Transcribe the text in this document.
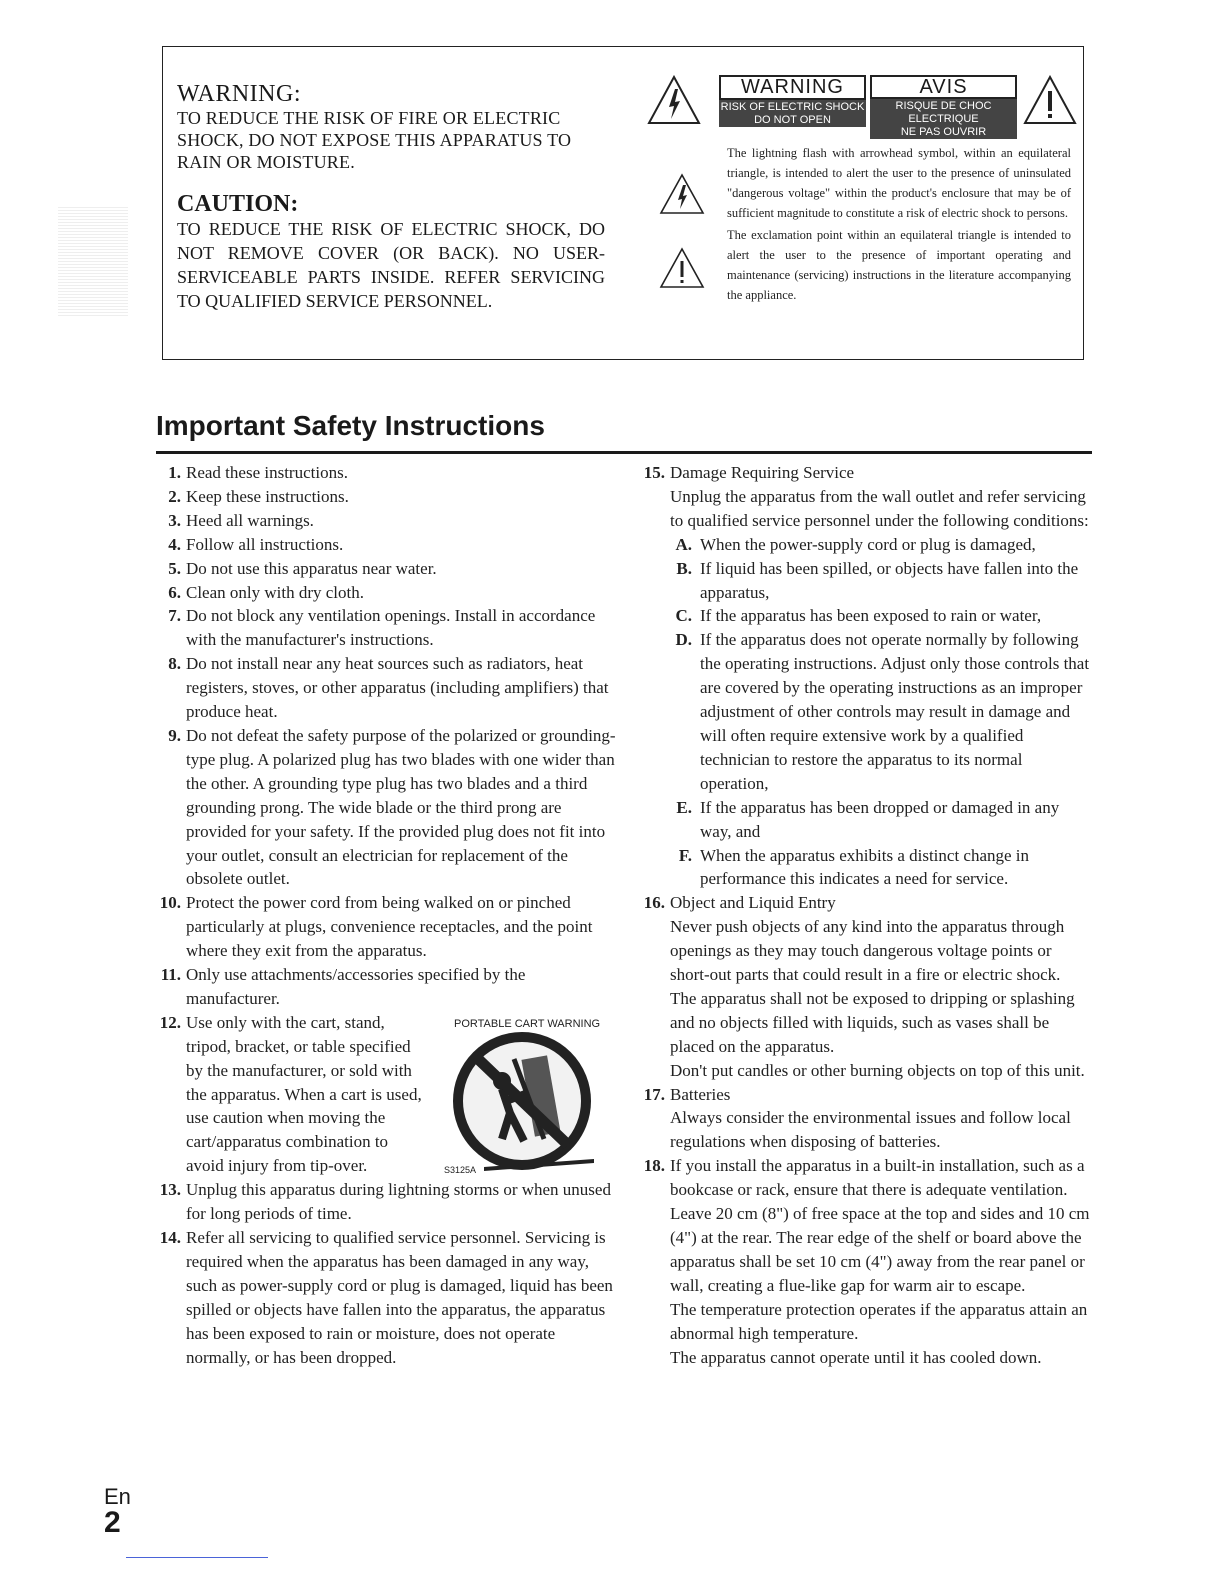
WARNING:

TO REDUCE THE RISK OF FIRE OR ELECTRIC SHOCK, DO NOT EXPOSE THIS APPARATUS TO RAIN OR MOISTURE.

CAUTION:

TO REDUCE THE RISK OF ELECTRIC SHOCK, DO NOT REMOVE COVER (OR BACK). NO USER-SERVICEABLE PARTS INSIDE. REFER SERVICING TO QUALIFIED SERVICE PERSONNEL.

WARNING
RISK OF ELECTRIC SHOCK
DO NOT OPEN
AVIS
RISQUE DE CHOC ELECTRIQUE
NE PAS OUVRIR
The lightning flash with arrowhead symbol, within an equilateral triangle, is intended to alert the user to the presence of uninsulated "dangerous voltage" within the product's enclosure that may be of sufficient magnitude to constitute a risk of electric shock to persons.
The exclamation point within an equilateral triangle is intended to alert the user to the presence of important operating and maintenance (servicing) instructions in the literature accompanying the appliance.
Important Safety Instructions
1. Read these instructions.
2. Keep these instructions.
3. Heed all warnings.
4. Follow all instructions.
5. Do not use this apparatus near water.
6. Clean only with dry cloth.
7. Do not block any ventilation openings. Install in accordance with the manufacturer's instructions.
8. Do not install near any heat sources such as radiators, heat registers, stoves, or other apparatus (including amplifiers) that produce heat.
9. Do not defeat the safety purpose of the polarized or grounding-type plug. A polarized plug has two blades with one wider than the other. A grounding type plug has two blades and a third grounding prong. The wide blade or the third prong are provided for your safety. If the provided plug does not fit into your outlet, consult an electrician for replacement of the obsolete outlet.
10. Protect the power cord from being walked on or pinched particularly at plugs, convenience receptacles, and the point where they exit from the apparatus.
11. Only use attachments/accessories specified by the manufacturer.
12. Use only with the cart, stand, tripod, bracket, or table specified by the manufacturer, or sold with the apparatus. When a cart is used, use caution when moving the cart/apparatus combination to avoid injury from tip-over.
PORTABLE CART WARNING
S3125A
13. Unplug this apparatus during lightning storms or when unused for long periods of time.
14. Refer all servicing to qualified service personnel. Servicing is required when the apparatus has been damaged in any way, such as power-supply cord or plug is damaged, liquid has been spilled or objects have fallen into the apparatus, the apparatus has been exposed to rain or moisture, does not operate normally, or has been dropped.
15. Damage Requiring Service
Unplug the apparatus from the wall outlet and refer servicing to qualified service personnel under the following conditions:
A. When the power-supply cord or plug is damaged,
B. If liquid has been spilled, or objects have fallen into the apparatus,
C. If the apparatus has been exposed to rain or water,
D. If the apparatus does not operate normally by following the operating instructions. Adjust only those controls that are covered by the operating instructions as an improper adjustment of other controls may result in damage and will often require extensive work by a qualified technician to restore the apparatus to its normal operation,
E. If the apparatus has been dropped or damaged in any way, and
F. When the apparatus exhibits a distinct change in performance this indicates a need for service.
16. Object and Liquid Entry
Never push objects of any kind into the apparatus through openings as they may touch dangerous voltage points or short-out parts that could result in a fire or electric shock.
The apparatus shall not be exposed to dripping or splashing and no objects filled with liquids, such as vases shall be placed on the apparatus.
Don't put candles or other burning objects on top of this unit.
17. Batteries
Always consider the environmental issues and follow local regulations when disposing of batteries.
18. If you install the apparatus in a built-in installation, such as a bookcase or rack, ensure that there is adequate ventilation.
Leave 20 cm (8") of free space at the top and sides and 10 cm (4") at the rear. The rear edge of the shelf or board above the apparatus shall be set 10 cm (4") away from the rear panel or wall, creating a flue-like gap for warm air to escape.
The temperature protection operates if the apparatus attain an abnormal high temperature.
The apparatus cannot operate until it has cooled down.
En
2
